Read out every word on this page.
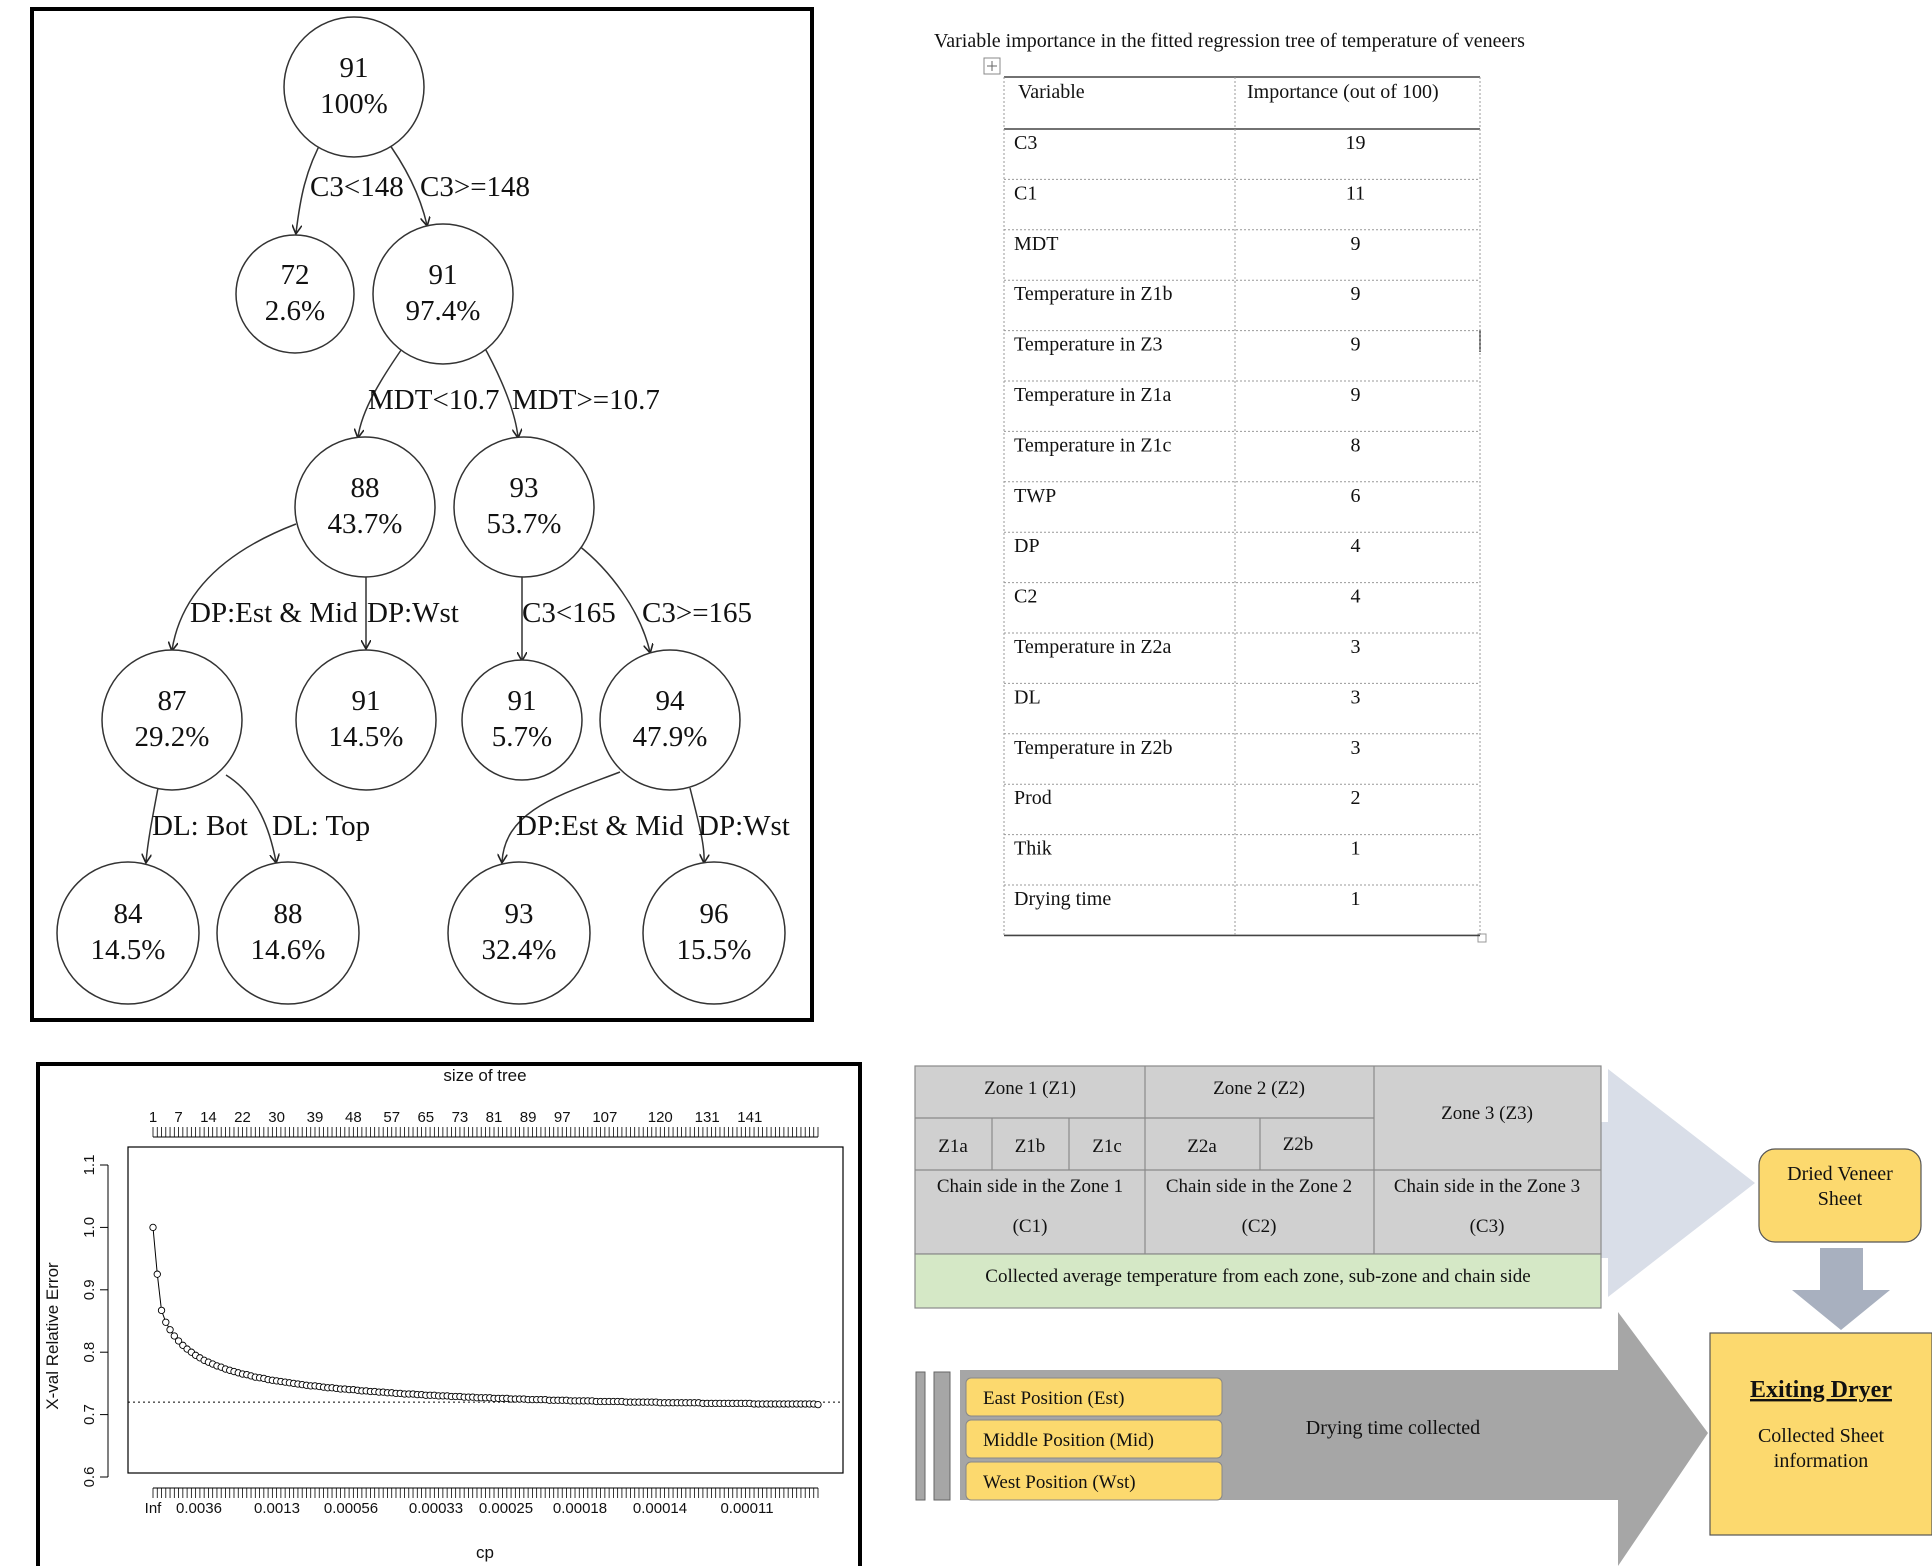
C3<148 C3>=148
MDT<10.7 MDT>=10.7
DP:Est & Mid DP:Wst C3<165 C3>=165
DL: Bot DL: Top	DP:Est & Mid DP:Wst
91
100%
72
2.6%
91
97.4%
88
43.7%
93
53.7%
87
29.2%
91
14.5%
91
5.7%
94
47.9%
84
14.5%
88
14.6%
93
32.4%
96
15.5%
Variable importance in the fitted regression tree of temperature of veneers
Variable	Importance (out of 100)
C3	19
C1	11
MDT	9
Temperature in Z1b	9
Temperature in Z3	9
Temperature in Z1a	9
Temperature in Z1c	8
TWP	6
DP	4
C2	4
Temperature in Z2a	3
DL	3
Temperature in Z2b	3
Prod	2
Thik	1
Drying time	1
size of tree
cp
X-val Relative Error
0.6
0.7
0.8
0.9
1.0
1.1
Inf 0.0036 0.0013 0.00056 0.00033 0.00025 0.00018 0.00014 0.00011
1 7 14 22 30 39 48 57 65 73 81 89 97 107 120 131 141
Zone 1 (Z1)	Zone 2 (Z2)
Zone 3 (Z3)
Z1a Z1b Z1c	Z2a	Z2b
Chain side in the Zone 1
(C1)
Chain side in the Zone 2
(C2)
Chain side in the Zone 3
(C3)
Collected average temperature from each zone, sub-zone and chain side
Dried Veneer
Sheet
Exiting Dryer
Collected Sheet
information
East Position (Est)
Middle Position (Mid)
West Position (Wst)
Drying time collected
